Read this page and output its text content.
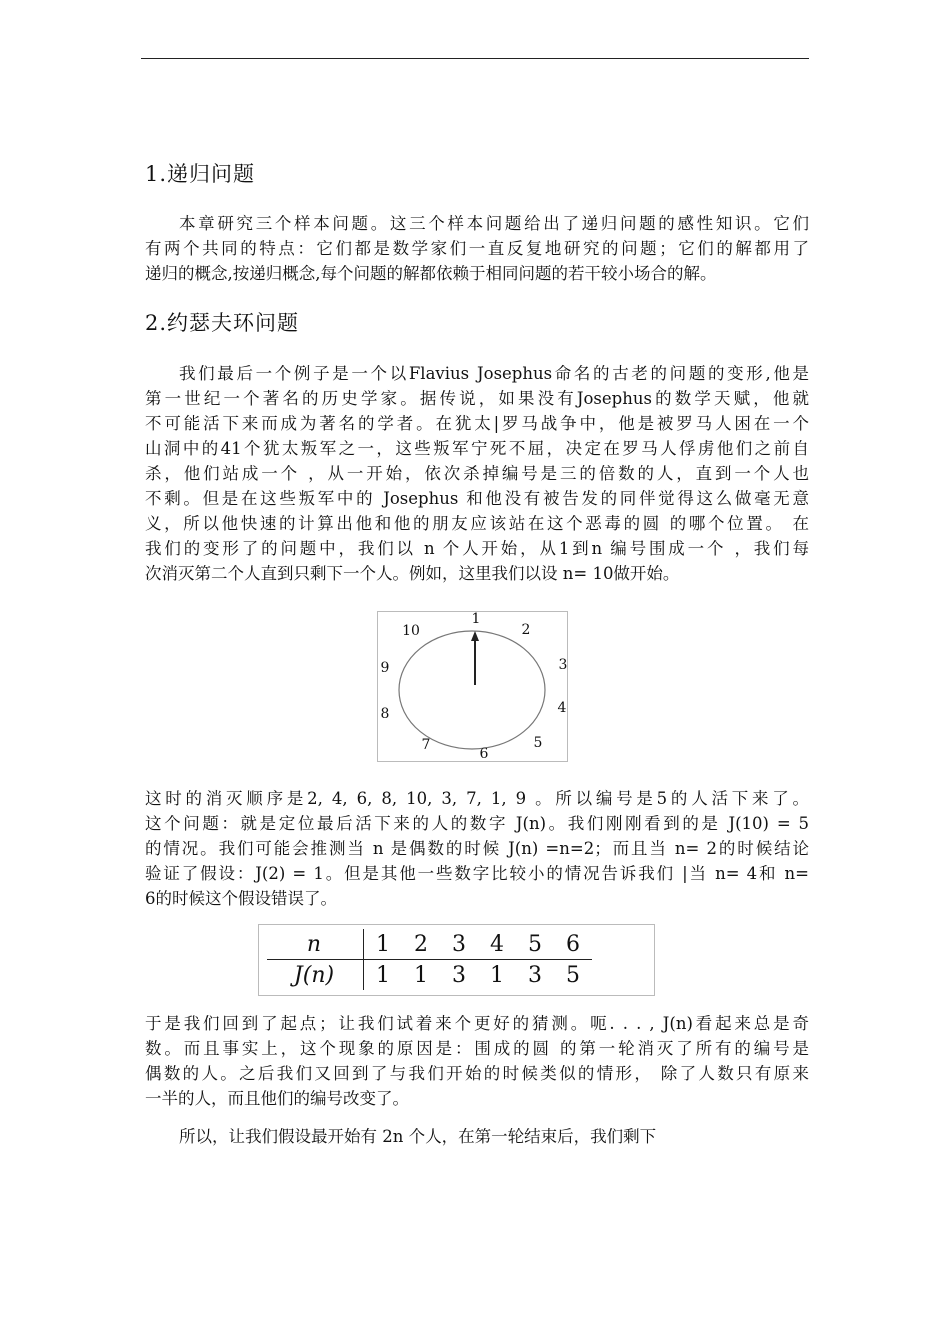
1.递归问题
本章研究三个样本问题。这三个样本问题给出了递归问题的感性知识。它们
有两个共同的特点：它们都是数学家们一直反复地研究的问题；它们的解都用了
递归的概念,按递归概念,每个问题的解都依赖于相同问题的若干较小场合的解。
2.约瑟夫环问题
我们最后一个例子是一个以Flavius Josephus命名的古老的问题的变形,他是
第一世纪一个著名的历史学家。据传说，如果没有Josephus的数学天赋，他就
不可能活下来而成为著名的学者。在犹太|罗马战争中，他是被罗马人困在一个
山洞中的41个犹太叛军之一，这些叛军宁死不屈，决定在罗马人俘虏他们之前自
杀，他们站成一个 ，从一开始，依次杀掉编号是三的倍数的人，直到一个人也
不剩。但是在这些叛军中的 Josephus 和他没有被告发的同伴觉得这么做毫无意
义，所以他快速的计算出他和他的朋友应该站在这个恶毒的圆 的哪个位置。 在
我们的变形了的问题中，我们以 n 个人开始，从1到n 编号围成一个 ，我们每
次消灭第二个人直到只剩下一个人。例如，这里我们以设 n= 10做开始。
1
2
3
4
5
6
7
8
9
10
这时的消灭顺序是2, 4, 6, 8, 10, 3, 7, 1, 9 。所以编号是5的人活下来了。
这个问题：就是定位最后活下来的人的数字 J(n)。我们刚刚看到的是 J(10) = 5
的情况。我们可能会推测当 n 是偶数的时候 J(n) =n=2；而且当 n= 2的时候结论
验证了假设：J(2) = 1。但是其他一些数字比较小的情况告诉我们 |当 n= 4和 n=
6的时候这个假设错误了。
n	1	2	3	4	5	6
J(n)	1	1	3	1	3	5
于是我们回到了起点；让我们试着来个更好的猜测。呃. . . , J(n)看起来总是奇
数。而且事实上，这个现象的原因是：围成的圆 的第一轮消灭了所有的编号是
偶数的人。之后我们又回到了与我们开始的时候类似的情形， 除了人数只有原来
一半的人，而且他们的编号改变了。
所以，让我们假设最开始有 2n 个人，在第一轮结束后，我们剩下
